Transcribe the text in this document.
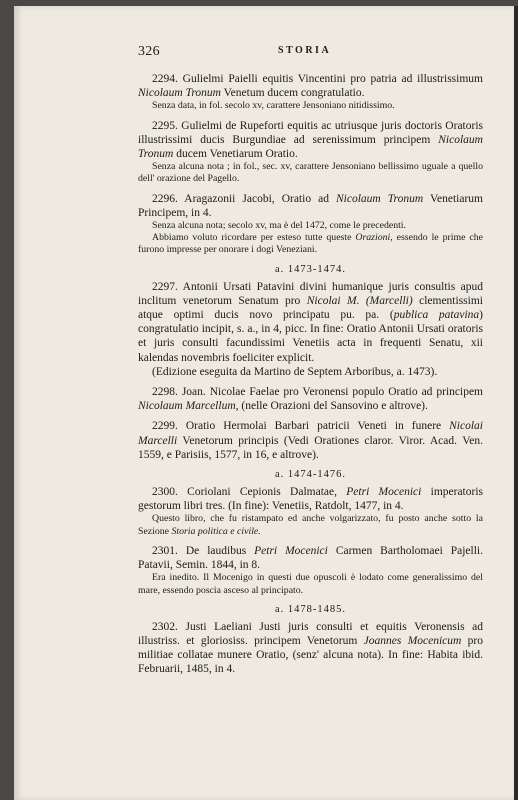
326	STORIA

2294. Gulielmi Paielli equitis Vincentini pro patria ad illustrissimum Nicolaum Tronum Venetum ducem congratulatio.

Senza data, in fol. secolo xv, carattere Jensoniano nitidissimo.

2295. Gulielmi de Rupeforti equitis ac utriusque juris doctoris Oratoris illustrissimi ducis Burgundiae ad serenissimum principem Nicolaum Tronum ducem Venetiarum Oratio.

Senza alcuna nota ; in fol., sec. xv, carattere Jensoniano bellissimo uguale a quello dell' orazione del Pagello.

2296. Aragazonii Jacobi, Oratio ad Nicolaum Tronum Venetiarum Principem, in 4.

Senza alcuna nota; secolo xv, ma è del 1472, come le precedenti.

Abbiamo voluto ricordare per esteso tutte queste Orazioni, essendo le prime che furono impresse per onorare i dogi Veneziani.

a. 1473-1474.

2297. Antonii Ursati Patavini divini humanique juris consultis apud inclitum venetorum Senatum pro Nicolai M. (Marcelli) clementissimi atque optimi ducis novo principatu pu. pa. (publica patavina) congratulatio incipit, s. a., in 4, picc. In fine: Oratio Antonii Ursati oratoris et juris consulti facundissimi Venetiis acta in frequenti Senatu, xii kalendas novembris foeliciter explicit.

(Edizione eseguita da Martino de Septem Arboribus, a. 1473).

2298. Joan. Nicolae Faelae pro Veronensi populo Oratio ad principem Nicolaum Marcellum, (nelle Orazioni del Sansovino e altrove).

2299. Oratio Hermolai Barbari patricii Veneti in funere Nicolai Marcelli Venetorum principis (Vedi Orationes claror. Viror. Acad. Ven. 1559, e Parisiis, 1577, in 16, e altrove).

a. 1474-1476.

2300. Coriolani Cepionis Dalmatae, Petri Mocenici imperatoris gestorum libri tres. (In fine): Venetiis, Ratdolt, 1477, in 4.

Questo libro, che fu ristampato ed anche volgarizzato, fu posto anche sotto la Sezione Storia politica e civile.

2301. De laudibus Petri Mocenici Carmen Bartholomaei Pajelli. Patavii, Semin. 1844, in 8.

Era inedito. Il Mocenigo in questi due opuscoli è lodato come generalissimo del mare, essendo poscia asceso al principato.

a. 1478-1485.

2302. Justi Laeliani Justi juris consulti et equitis Veronensis ad illustriss. et gloriosiss. principem Venetorum Joannes Mocenicum pro militiae collatae munere Oratio, (senz' alcuna nota). In fine: Habita ibid. Februarii, 1485, in 4.
